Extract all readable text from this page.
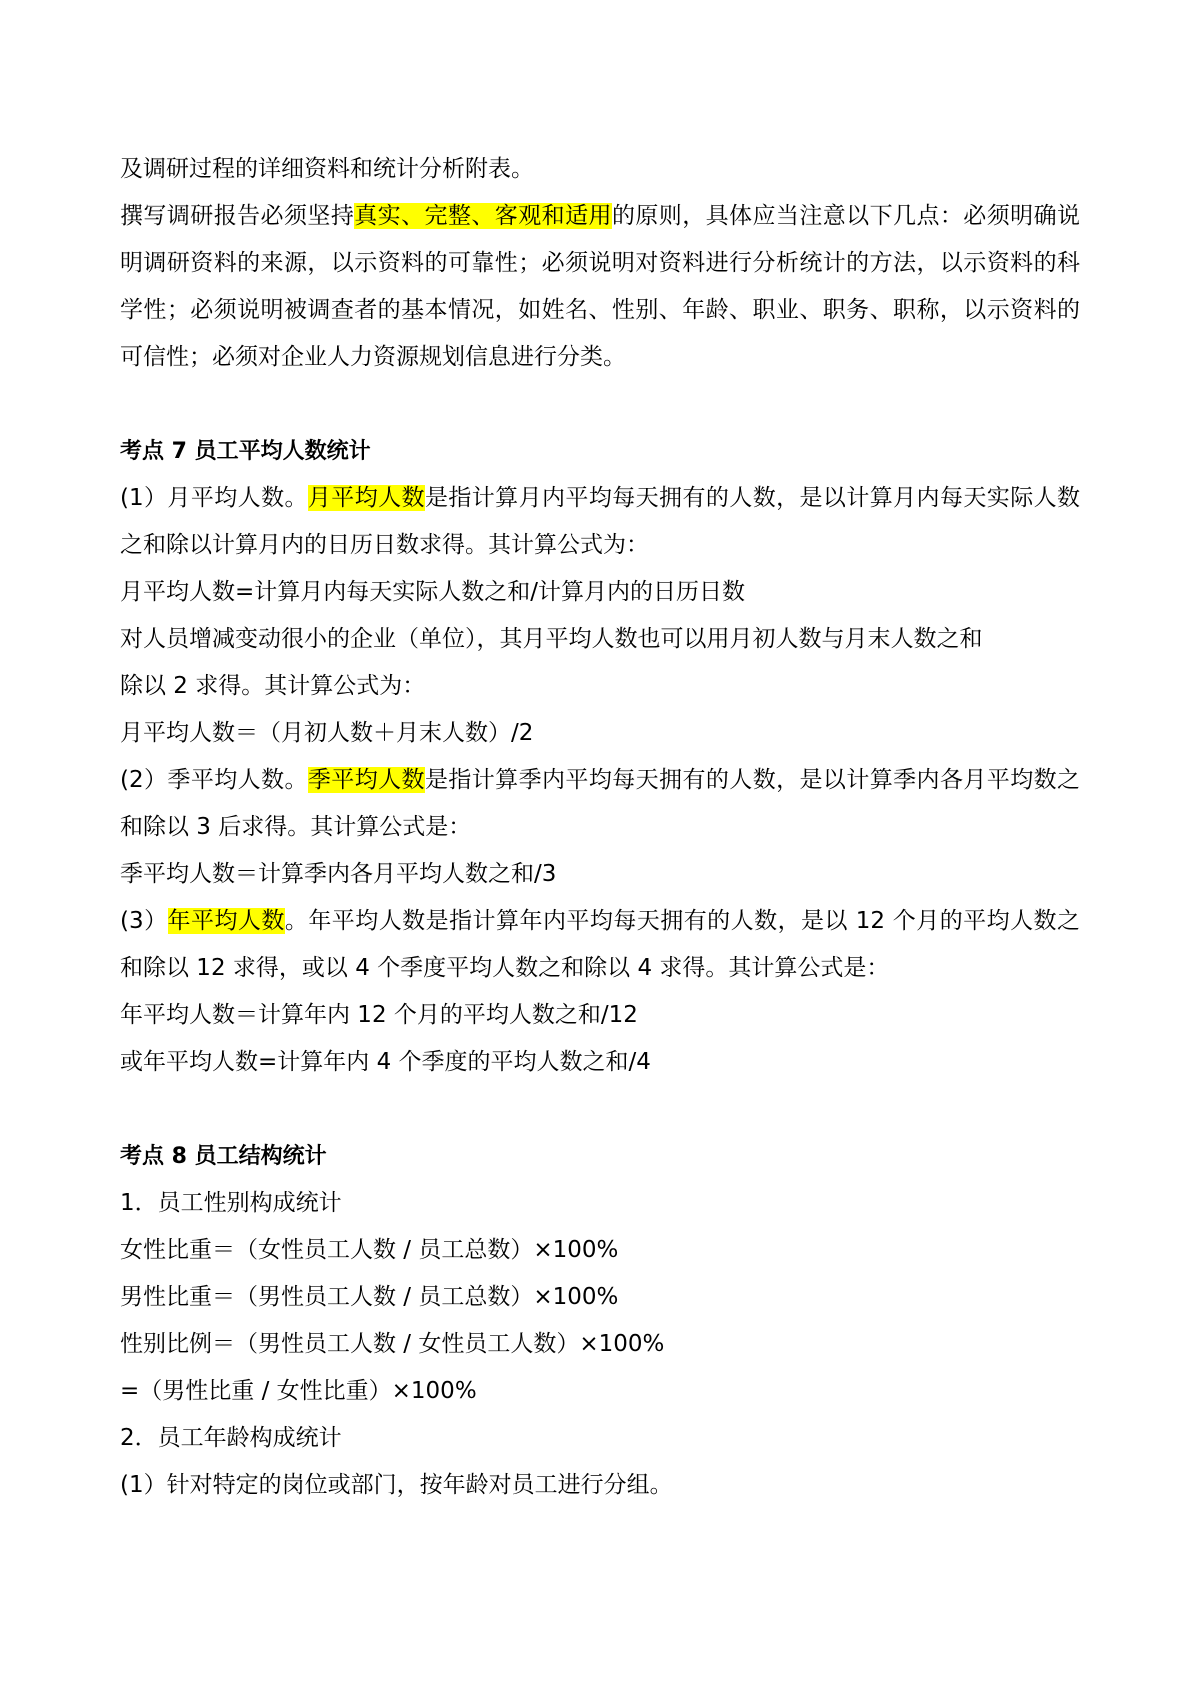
及调研过程的详细资料和统计分析附表。
撰写调研报告必须坚持真实、完整、客观和适用的原则，具体应当注意以下几点：必须明确说明调研资料的来源，以示资料的可靠性；必须说明对资料进行分析统计的方法，以示资料的科学性；必须说明被调查者的基本情况，如姓名、性别、年龄、职业、职务、职称，以示资料的可信性；必须对企业人力资源规划信息进行分类。
考点 7 员工平均人数统计
(1）月平均人数。月平均人数是指计算月内平均每天拥有的人数，是以计算月内每天实际人数之和除以计算月内的日历日数求得。其计算公式为：
月平均人数=计算月内每天实际人数之和/计算月内的日历日数
对人员增减变动很小的企业（单位），其月平均人数也可以用月初人数与月末人数之和
除以 2 求得。其计算公式为：
月平均人数＝（月初人数＋月末人数）/2
(2）季平均人数。季平均人数是指计算季内平均每天拥有的人数，是以计算季内各月平均数之和除以 3 后求得。其计算公式是：
季平均人数＝计算季内各月平均人数之和/3
(3）年平均人数。年平均人数是指计算年内平均每天拥有的人数，是以 12 个月的平均人数之和除以 12 求得，或以 4 个季度平均人数之和除以 4 求得。其计算公式是：
年平均人数＝计算年内 12 个月的平均人数之和/12
或年平均人数=计算年内 4 个季度的平均人数之和/4
考点 8 员工结构统计
1．员工性别构成统计
女性比重＝（女性员工人数 / 员工总数）×100%
男性比重＝（男性员工人数 / 员工总数）×100%
性别比例＝（男性员工人数 / 女性员工人数）×100%
=（男性比重 / 女性比重）×100%
2．员工年龄构成统计
(1）针对特定的岗位或部门，按年龄对员工进行分组。
